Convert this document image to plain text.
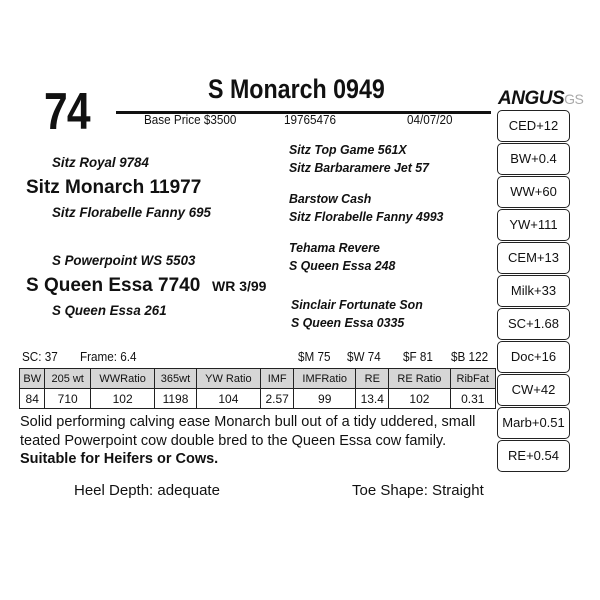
74	S Monarch 0949
Base Price $3500	19765476	04/07/20
ANGUSGS
Sitz Royal 9784
Sitz Monarch 11977
Sitz Florabelle Fanny 695
S Powerpoint WS 5503
S Queen Essa 7740 WR 3/99
S Queen Essa 261
Sitz Top Game 561X
Sitz Barbaramere Jet 57
Barstow Cash
Sitz Florabelle Fanny 4993
Tehama Revere
S Queen Essa 248
Sinclair Fortunate Son
S Queen Essa 0335
CED+12
BW+0.4
WW+60
YW+111
CEM+13
Milk+33
SC+1.68
Doc+16
CW+42
Marb+0.51
RE+0.54
SC: 37 Frame: 6.4	$M 75 $W 74 $F 81 $B 122
BW	205 wt	WWRatio	365wt	YW Ratio	IMF	IMFRatio	RE	RE Ratio	RibFat
84	710	102	1198	104	2.57	99	13.4	102	0.31
Solid performing calving ease Monarch bull out of a tidy uddered, small teated Powerpoint cow double bred to the Queen Essa cow family. Suitable for Heifers or Cows.
Heel Depth: adequate	Toe Shape: Straight
